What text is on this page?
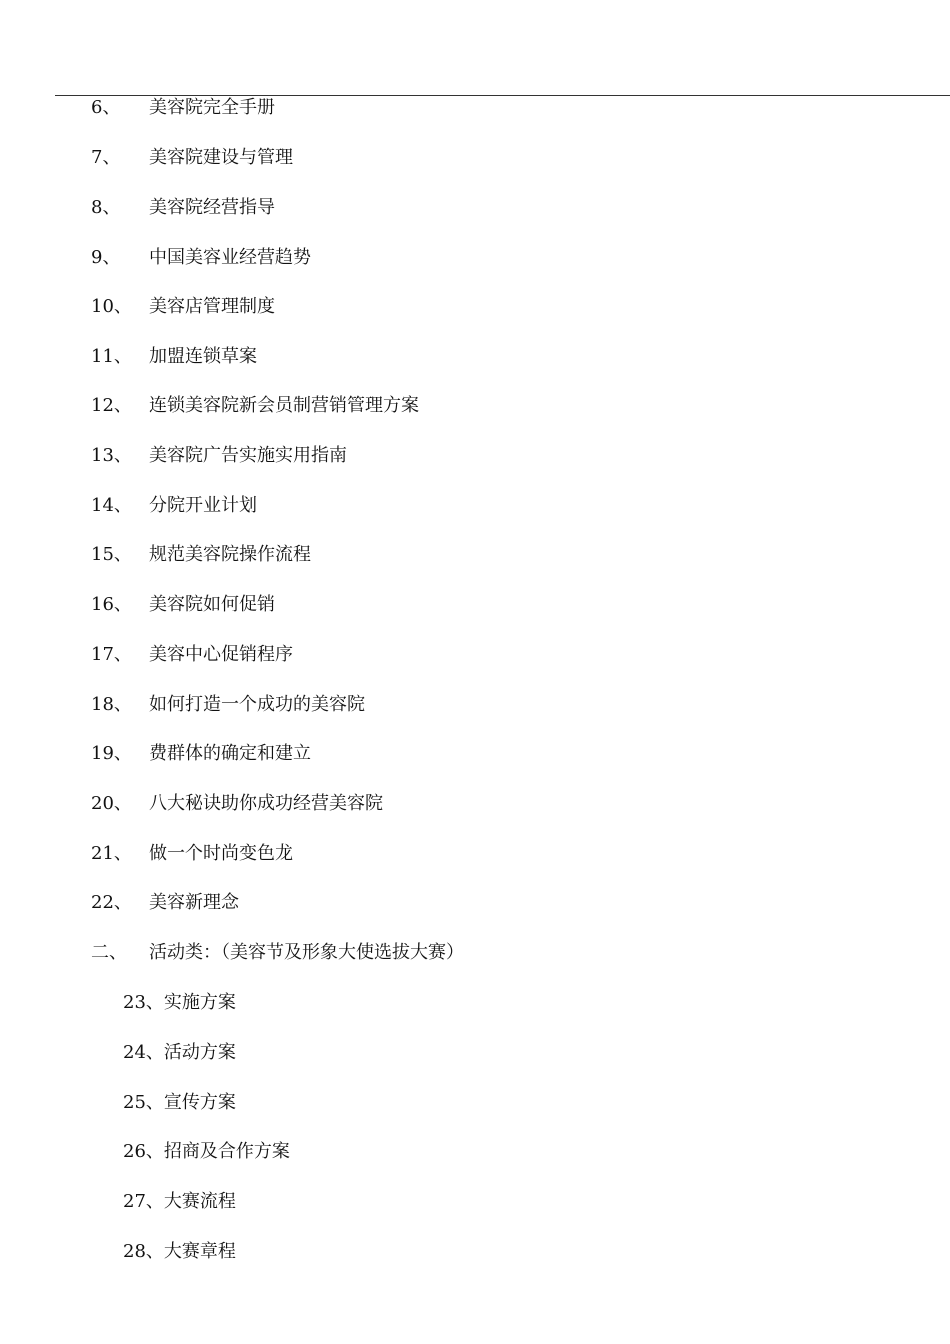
6、 美容院完全手册
7、 美容院建设与管理
8、 美容院经营指导
9、 中国美容业经营趋势
10、 美容店管理制度
11、 加盟连锁草案
12、 连锁美容院新会员制营销管理方案
13、 美容院广告实施实用指南
14、 分院开业计划
15、 规范美容院操作流程
16、 美容院如何促销
17、 美容中心促销程序
18、 如何打造一个成功的美容院
19、 费群体的确定和建立
20、 八大秘诀助你成功经营美容院
21、 做一个时尚变色龙
22、 美容新理念
二、 活动类：（美容节及形象大使选拔大赛）
23、实施方案
24、活动方案
25、宣传方案
26、招商及合作方案
27、大赛流程
28、大赛章程
